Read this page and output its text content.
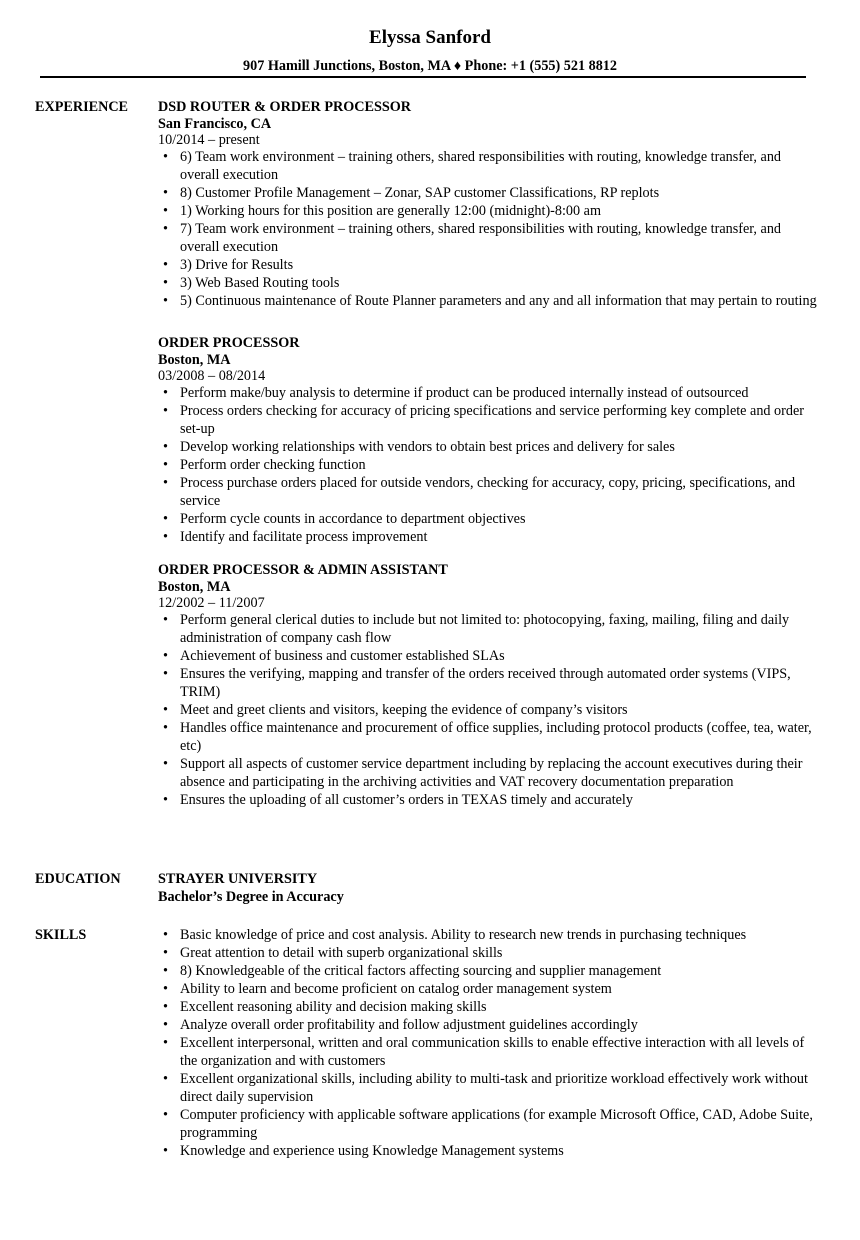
Elyssa Sanford
907 Hamill Junctions, Boston, MA ♦ Phone: +1 (555) 521 8812
EXPERIENCE DSD ROUTER & ORDER PROCESSOR
San Francisco, CA
10/2014 – present
• 6) Team work environment – training others, shared responsibilities with routing, knowledge transfer, and overall execution
• 8) Customer Profile Management – Zonar, SAP customer Classifications, RP replots
• 1) Working hours for this position are generally 12:00 (midnight)-8:00 am
• 7) Team work environment – training others, shared responsibilities with routing, knowledge transfer, and overall execution
• 3) Drive for Results
• 3) Web Based Routing tools
• 5) Continuous maintenance of Route Planner parameters and any and all information that may pertain to routing
ORDER PROCESSOR
Boston, MA
03/2008 – 08/2014
• Perform make/buy analysis to determine if product can be produced internally instead of outsourced
• Process orders checking for accuracy of pricing specifications and service performing key complete and order set-up
• Develop working relationships with vendors to obtain best prices and delivery for sales
• Perform order checking function
• Process purchase orders placed for outside vendors, checking for accuracy, copy, pricing, specifications, and service
• Perform cycle counts in accordance to department objectives
• Identify and facilitate process improvement
ORDER PROCESSOR & ADMIN ASSISTANT
Boston, MA
12/2002 – 11/2007
• Perform general clerical duties to include but not limited to: photocopying, faxing, mailing, filing and daily administration of company cash flow
• Achievement of business and customer established SLAs
• Ensures the verifying, mapping and transfer of the orders received through automated order systems (VIPS, TRIM)
• Meet and greet clients and visitors, keeping the evidence of company’s visitors
• Handles office maintenance and procurement of office supplies, including protocol products (coffee, tea, water, etc)
• Support all aspects of customer service department including by replacing the account executives during their absence and participating in the archiving activities and VAT recovery documentation preparation
• Ensures the uploading of all customer’s orders in TEXAS timely and accurately
EDUCATION	STRAYER UNIVERSITY
Bachelor’s Degree in Accuracy
SKILLS
•	Basic knowledge of price and cost analysis. Ability to research new trends in purchasing techniques
• Great attention to detail with superb organizational skills
• 8) Knowledgeable of the critical factors affecting sourcing and supplier management
• Ability to learn and become proficient on catalog order management system
• Excellent reasoning ability and decision making skills
• Analyze overall order profitability and follow adjustment guidelines accordingly
• Excellent interpersonal, written and oral communication skills to enable effective interaction with all levels of the organization and with customers
• Excellent organizational skills, including ability to multi-task and prioritize workload effectively work without direct daily supervision
• Computer proficiency with applicable software applications (for example Microsoft Office, CAD, Adobe Suite, programming
• Knowledge and experience using Knowledge Management systems
